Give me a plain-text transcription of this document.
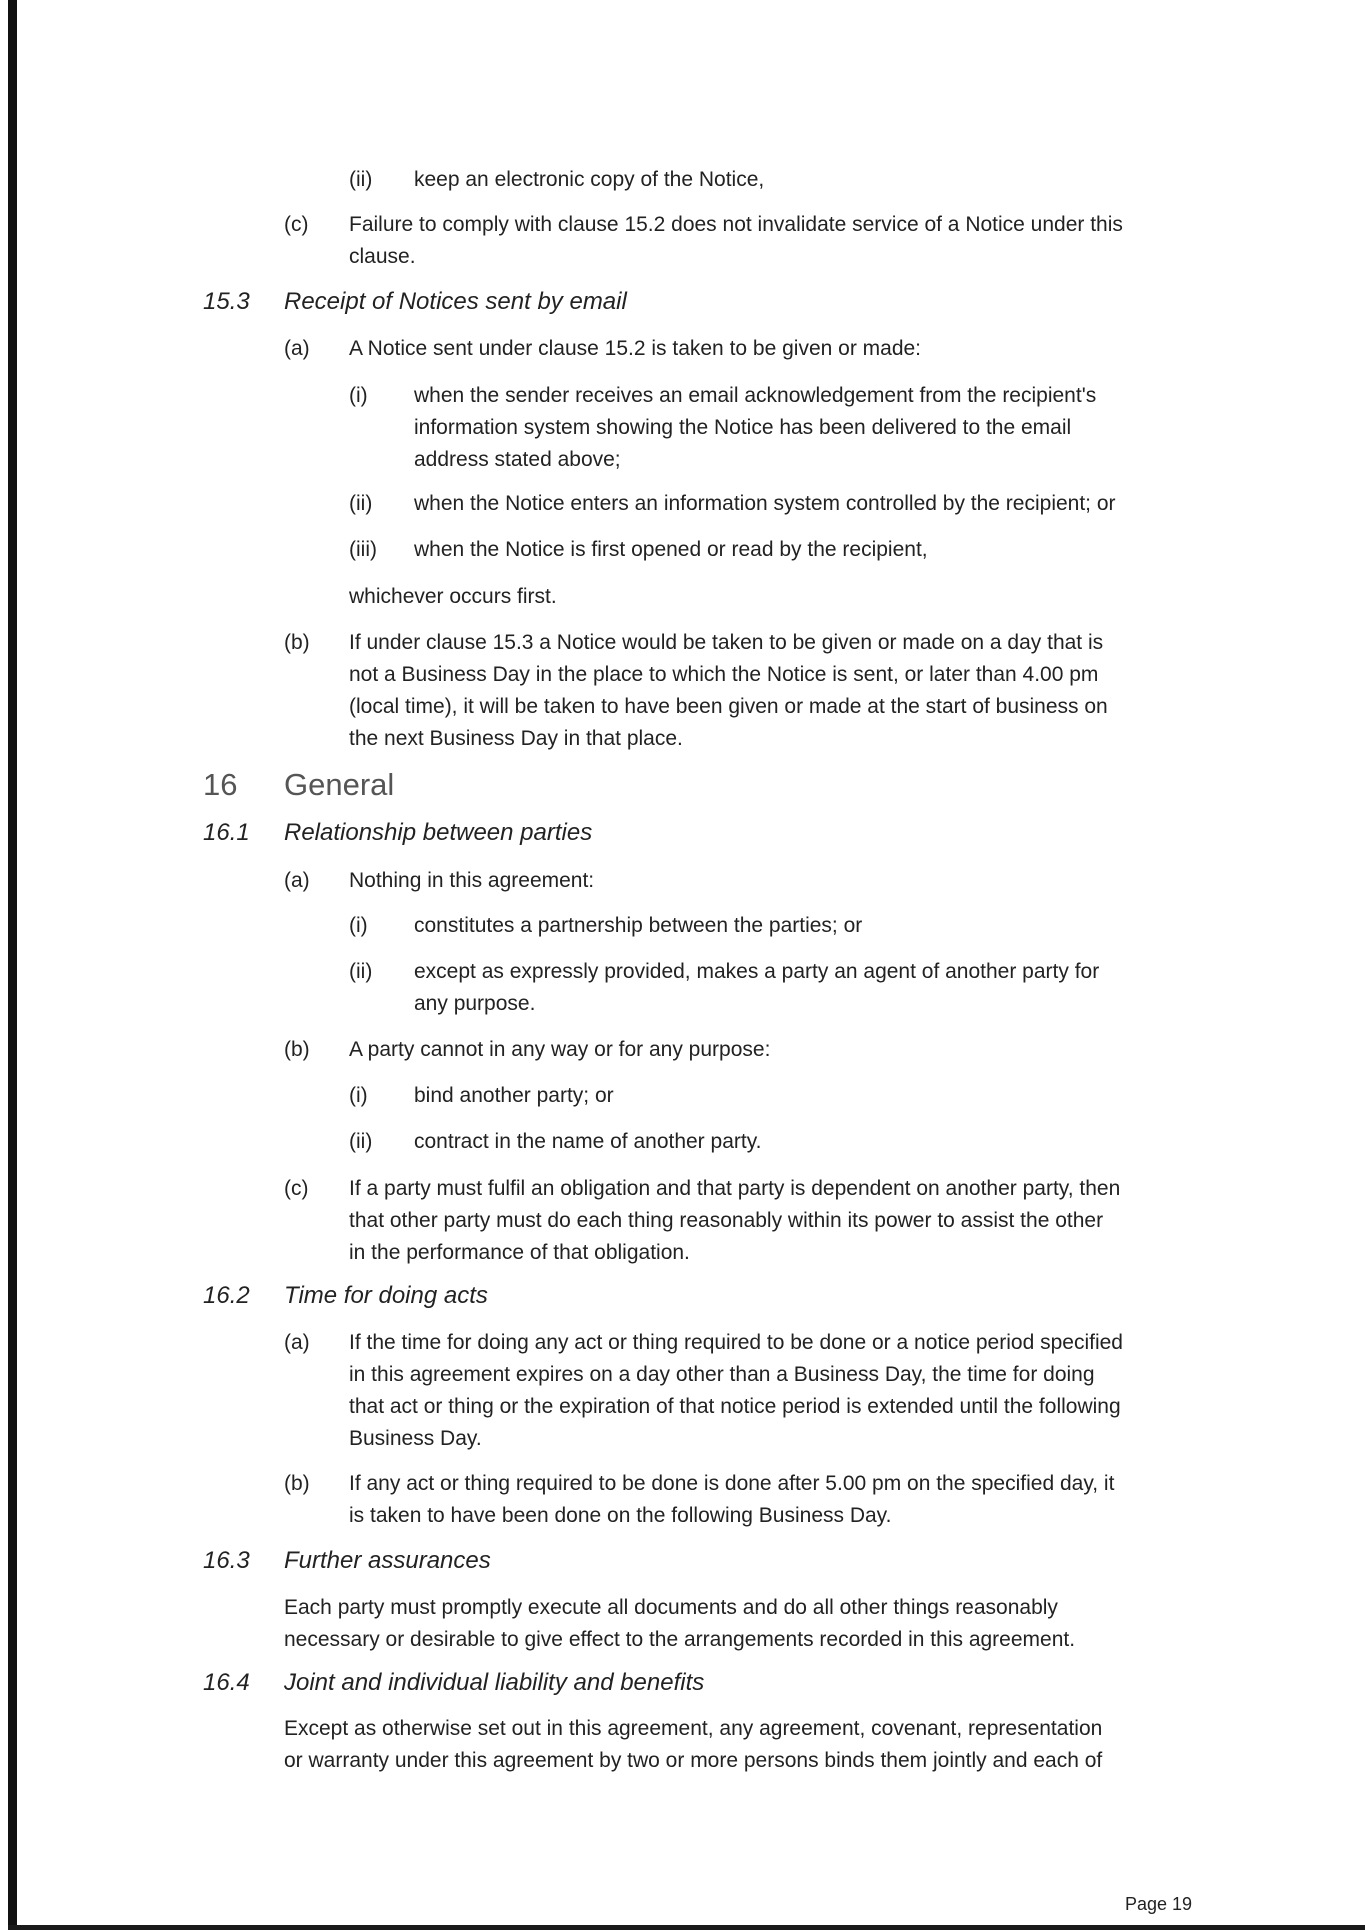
(ii) keep an electronic copy of the Notice,
(c) Failure to comply with clause 15.2 does not invalidate service of a Notice under this
clause.
15.3 Receipt of Notices sent by email
(a) A Notice sent under clause 15.2 is taken to be given or made:
(i) when the sender receives an email acknowledgement from the recipient's
information system showing the Notice has been delivered to the email
address stated above;
(ii) when the Notice enters an information system controlled by the recipient; or
(iii) when the Notice is first opened or read by the recipient,
whichever occurs first.
(b) If under clause 15.3 a Notice would be taken to be given or made on a day that is
not a Business Day in the place to which the Notice is sent, or later than 4.00 pm
(local time), it will be taken to have been given or made at the start of business on
the next Business Day in that place.
16 General
16.1 Relationship between parties
(a) Nothing in this agreement:
(i) constitutes a partnership between the parties; or
(ii) except as expressly provided, makes a party an agent of another party for
any purpose.
(b) A party cannot in any way or for any purpose:
(i) bind another party; or
(ii) contract in the name of another party.
(c) If a party must fulfil an obligation and that party is dependent on another party, then
that other party must do each thing reasonably within its power to assist the other
in the performance of that obligation.
16.2 Time for doing acts
(a) If the time for doing any act or thing required to be done or a notice period specified
in this agreement expires on a day other than a Business Day, the time for doing
that act or thing or the expiration of that notice period is extended until the following
Business Day.
(b) If any act or thing required to be done is done after 5.00 pm on the specified day, it
is taken to have been done on the following Business Day.
16.3 Further assurances
Each party must promptly execute all documents and do all other things reasonably
necessary or desirable to give effect to the arrangements recorded in this agreement.
16.4 Joint and individual liability and benefits
Except as otherwise set out in this agreement, any agreement, covenant, representation
or warranty under this agreement by two or more persons binds them jointly and each of
Page 19
